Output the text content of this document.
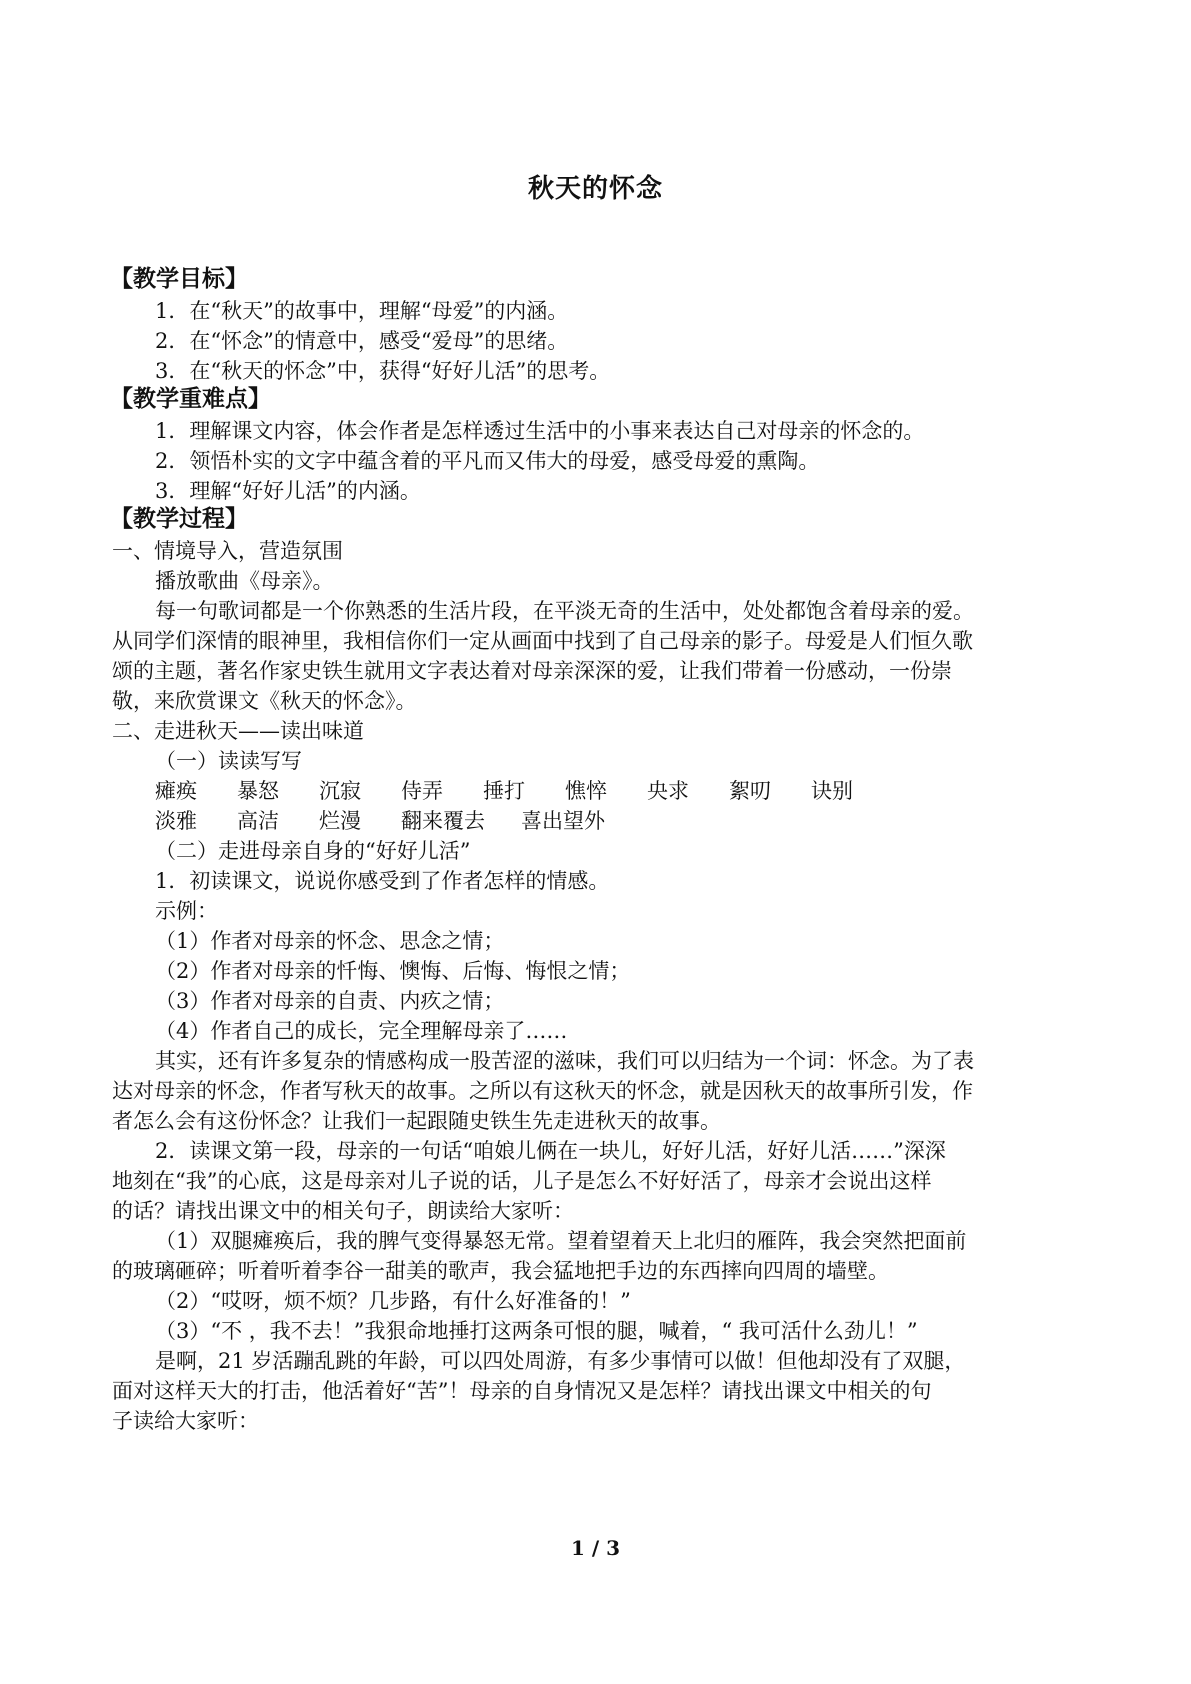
秋天的怀念
【教学目标】
1．在“秋天”的故事中，理解“母爱”的内涵。
2．在“怀念”的情意中，感受“爱母”的思绪。
3．在“秋天的怀念”中，获得“好好儿活”的思考。
【教学重难点】
1．理解课文内容，体会作者是怎样透过生活中的小事来表达自己对母亲的怀念的。
2．领悟朴实的文字中蕴含着的平凡而又伟大的母爱，感受母爱的熏陶。
3．理解“好好儿活”的内涵。
【教学过程】
一、情境导入，营造氛围
播放歌曲《母亲》。
每一句歌词都是一个你熟悉的生活片段，在平淡无奇的生活中，处处都饱含着母亲的爱。
从同学们深情的眼神里，我相信你们一定从画面中找到了自己母亲的影子。母爱是人们恒久歌
颂的主题，著名作家史铁生就用文字表达着对母亲深深的爱，让我们带着一份感动，一份崇
敬，来欣赏课文《秋天的怀念》。
二、走进秋天——读出味道
（一）读读写写
瘫痪 暴怒 沉寂 侍弄 捶打 憔悴 央求 絮叨 诀别
淡雅 高洁 烂漫 翻来覆去 喜出望外
（二）走进母亲自身的“好好儿活”
1．初读课文，说说你感受到了作者怎样的情感。
示例：
（1）作者对母亲的怀念、思念之情；
（2）作者对母亲的忏悔、懊悔、后悔、悔恨之情；
（3）作者对母亲的自责、内疚之情；
（4）作者自己的成长，完全理解母亲了……
其实，还有许多复杂的情感构成一股苦涩的滋味，我们可以归结为一个词：怀念。为了表
达对母亲的怀念，作者写秋天的故事。之所以有这秋天的怀念，就是因秋天的故事所引发，作
者怎么会有这份怀念？让我们一起跟随史铁生先走进秋天的故事。
2．读课文第一段，母亲的一句话“咱娘儿俩在一块儿，好好儿活，好好儿活……”深深
地刻在“我”的心底，这是母亲对儿子说的话，儿子是怎么不好好活了，母亲才会说出这样
的话？请找出课文中的相关句子，朗读给大家听：
（1）双腿瘫痪后，我的脾气变得暴怒无常。望着望着天上北归的雁阵，我会突然把面前
的玻璃砸碎；听着听着李谷一甜美的歌声，我会猛地把手边的东西摔向四周的墙壁。
（2）“哎呀，烦不烦？几步路，有什么好准备的！”
（3）“不 ，我不去！”我狠命地捶打这两条可恨的腿，喊着，“ 我可活什么劲儿！”
是啊，21 岁活蹦乱跳的年龄，可以四处周游，有多少事情可以做！但他却没有了双腿，
面对这样天大的打击，他活着好“苦”！母亲的自身情况又是怎样？请找出课文中相关的句
子读给大家听：
1 / 3
